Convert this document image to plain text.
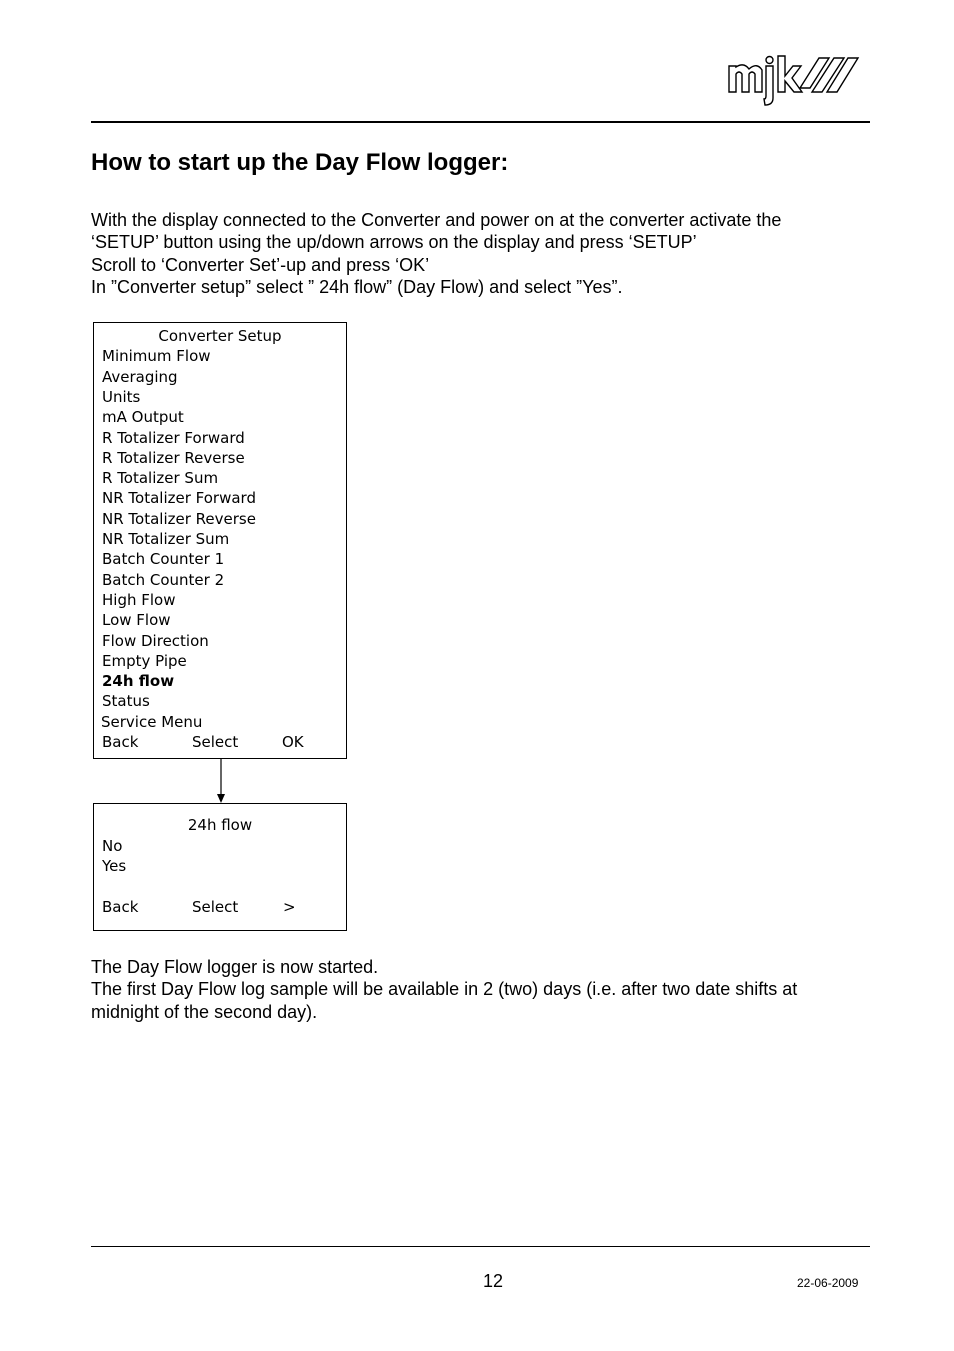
How to start up the Day Flow logger:
With the display connected to the Converter and power on at the converter activate the
‘SETUP’ button using the up/down arrows on the display and press ‘SETUP’
Scroll to ‘Converter Set’-up and press ‘OK’
In ”Converter setup” select ” 24h flow” (Day Flow) and select ”Yes”.
Converter Setup
Minimum Flow
Averaging
Units
mA Output
R Totalizer Forward
R Totalizer Reverse
R Totalizer Sum
NR Totalizer Forward
NR Totalizer Reverse
NR Totalizer Sum
Batch Counter 1
Batch Counter 2
High Flow
Low Flow
Flow Direction
Empty Pipe
24h flow
Status
Service Menu
Back	Select	OK
24h flow
No
Yes
Back	Select	>
The Day Flow logger is now started.
The first Day Flow log sample will be available in 2 (two) days (i.e. after two date shifts at
midnight of the second day).
12	22-06-2009
